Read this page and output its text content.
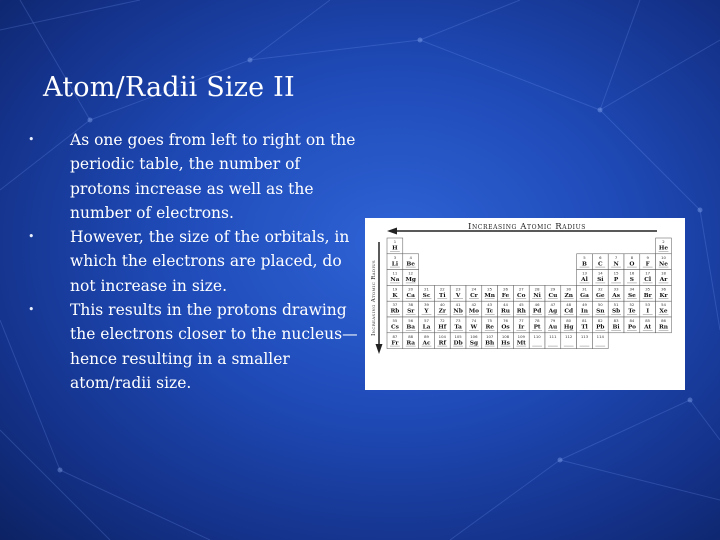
Atom/Radii Size II
• As one goes from left to right on the periodic table, the number of protons increase as well as the number of electrons.
• However, the size of the orbitals, in which the electrons are placed, do not increase in size.
• This results in the protons drawing the electrons closer to the nucleus—hence resulting in a smaller atom/radii size.
Increasing Atomic Radius
Increasing Atomic Radius
1
H
2
He
3
Li
4
Be
5
B
6
C
7
N
8
O
9
F
10
Ne
11
Na
12
Mg
13
Al
14
Si
15
P
16
S
17
Cl
18
Ar
19
K
20
Ca
21
Sc
22
Ti
23
V
24
Cr
25
Mn
26
Fe
27
Co
28
Ni
29
Cu
30
Zn
31
Ga
32
Ge
33
As
34
Se
35
Br
36
Kr
37
Rb
38
Sr
39
Y
40
Zr
41
Nb
42
Mo
43
Tc
44
Ru
45
Rh
46
Pd
47
Ag
48
Cd
49
In
50
Sn
51
Sb
52
Te
53
I
54
Xe
55
Cs
56
Ba
57
La
72
Hf
73
Ta
74
W
75
Re
76
Os
77
Ir
78
Pt
79
Au
80
Hg
81
Tl
82
Pb
83
Bi
84
Po
85
At
86
Rn
87
Fr
88
Ra
89
Ac
104
Rf
105
Db
106
Sg
107
Bh
108
Hs
109
Mt
110 111 112 113 114
